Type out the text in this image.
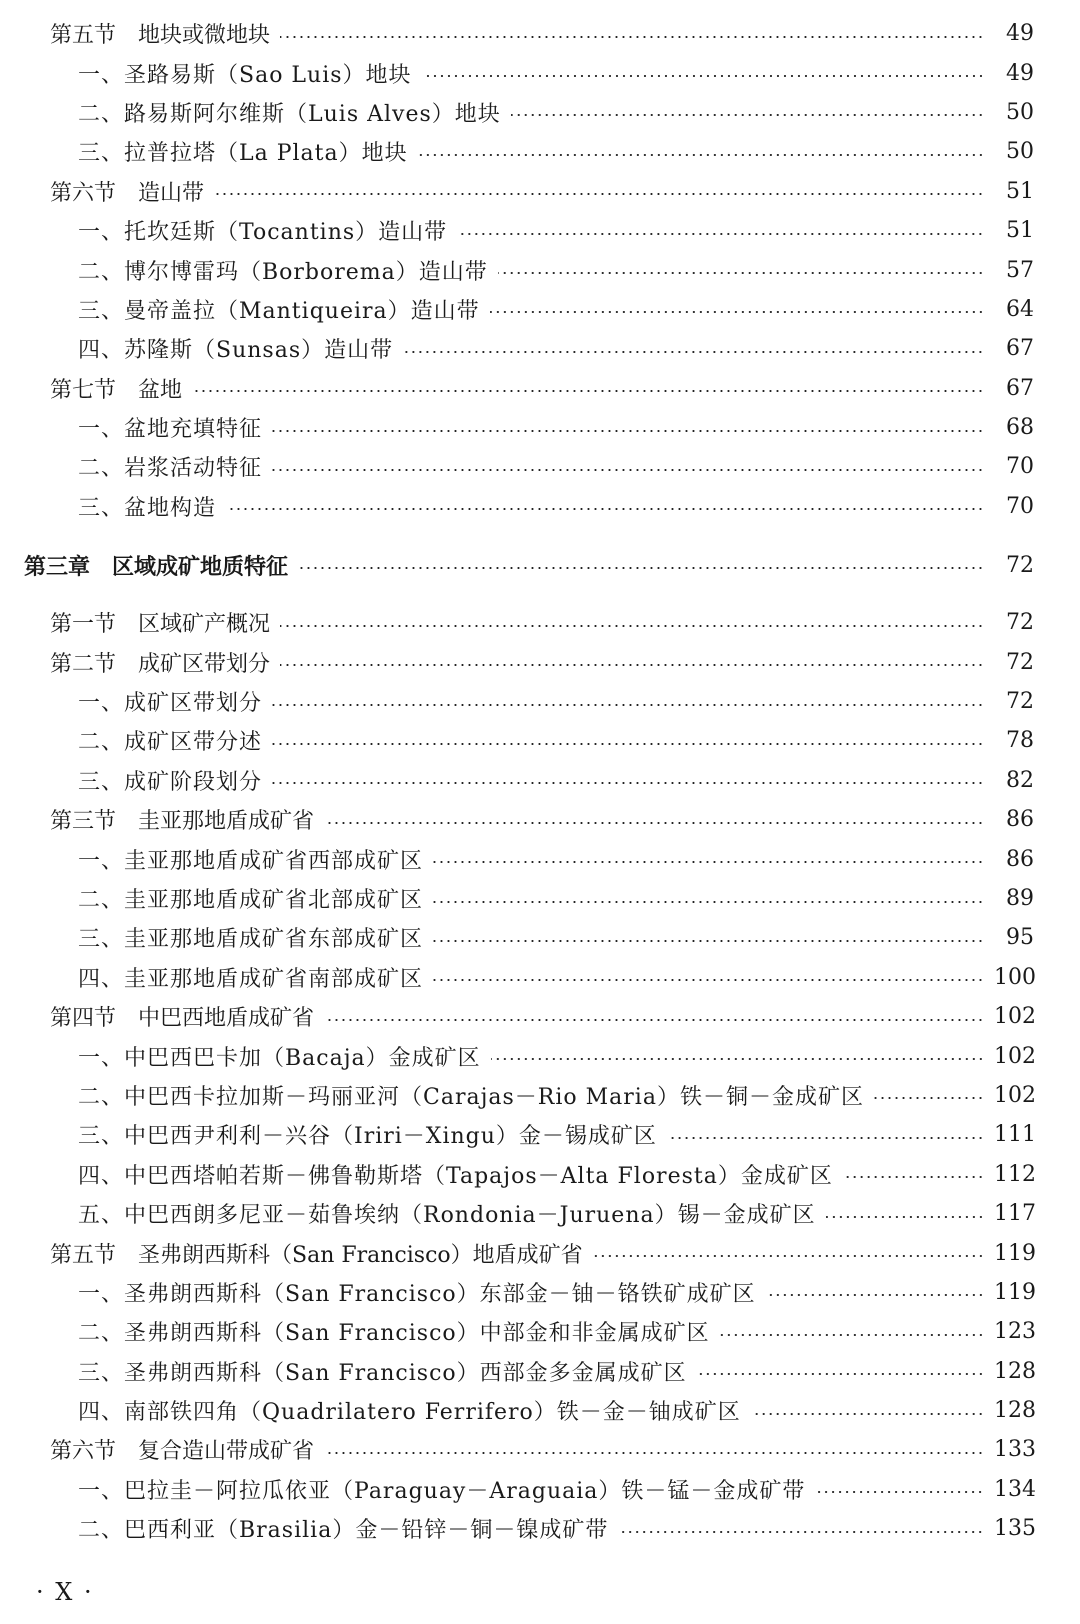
第五节　地块或微地块	49
一、圣路易斯（Sao Luis）地块	49
二、路易斯阿尔维斯（Luis Alves）地块	50
三、拉普拉塔（La Plata）地块	50
第六节　造山带	51
一、托坎廷斯（Tocantins）造山带	51
二、博尔博雷玛（Borborema）造山带	57
三、曼帝盖拉（Mantiqueira）造山带	64
四、苏隆斯（Sunsas）造山带	67
第七节　盆地	67
一、盆地充填特征	68
二、岩浆活动特征	70
三、盆地构造	70
第三章　区域成矿地质特征	72
第一节　区域矿产概况	72
第二节　成矿区带划分	72
一、成矿区带划分	72
二、成矿区带分述	78
三、成矿阶段划分	82
第三节　圭亚那地盾成矿省	86
一、圭亚那地盾成矿省西部成矿区	86
二、圭亚那地盾成矿省北部成矿区	89
三、圭亚那地盾成矿省东部成矿区	95
四、圭亚那地盾成矿省南部成矿区	100
第四节　中巴西地盾成矿省	102
一、中巴西巴卡加（Bacaja）金成矿区	102
二、中巴西卡拉加斯－玛丽亚河（Carajas－Rio Maria）铁－铜－金成矿区	102
三、中巴西尹利利－兴谷（Iriri－Xingu）金－锡成矿区	111
四、中巴西塔帕若斯－佛鲁勒斯塔（Tapajos－Alta Floresta）金成矿区	112
五、中巴西朗多尼亚－茹鲁埃纳（Rondonia－Juruena）锡－金成矿区	117
第五节　圣弗朗西斯科（San Francisco）地盾成矿省	119
一、圣弗朗西斯科（San Francisco）东部金－铀－铬铁矿成矿区	119
二、圣弗朗西斯科（San Francisco）中部金和非金属成矿区	123
三、圣弗朗西斯科（San Francisco）西部金多金属成矿区	128
四、南部铁四角（Quadrilatero Ferrifero）铁－金－铀成矿区	128
第六节　复合造山带成矿省	133
一、巴拉圭－阿拉瓜依亚（Paraguay－Araguaia）铁－锰－金成矿带	134
二、巴西利亚（Brasilia）金－铅锌－铜－镍成矿带	135
· X ·
